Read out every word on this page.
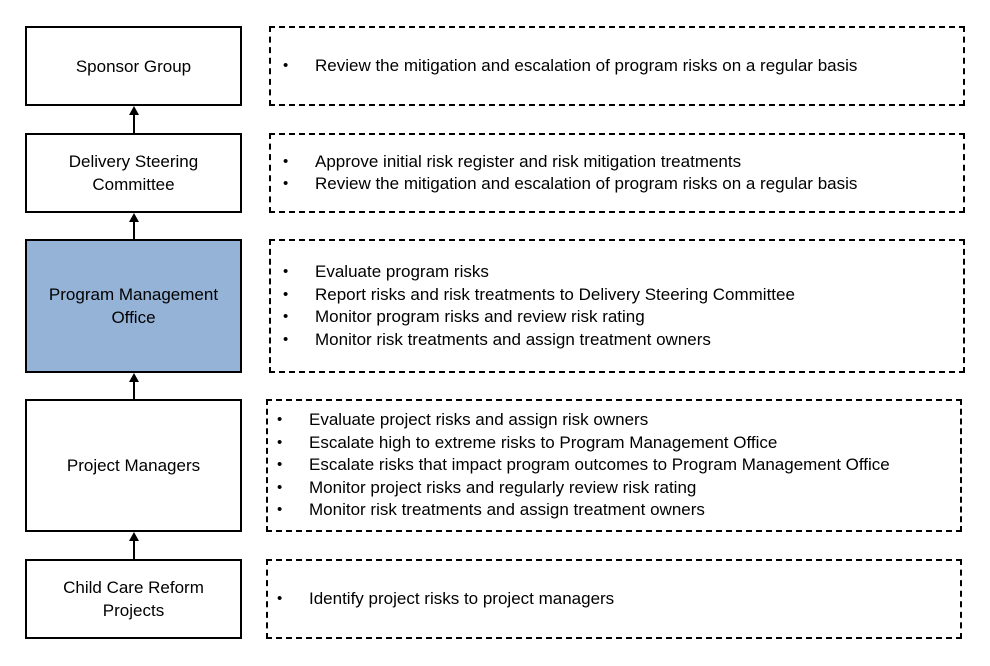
Sponsor Group	• Review the mitigation and escalation of program risks on a regular basis
Delivery Steering
Committee
• Approve initial risk register and risk mitigation treatments
• Review the mitigation and escalation of program risks on a regular basis
Program Management
Office
• Evaluate program risks
• Report risks and risk treatments to Delivery Steering Committee
• Monitor program risks and review risk rating
• Monitor risk treatments and assign treatment owners
Project Managers
• Evaluate project risks and assign risk owners
• Escalate high to extreme risks to Program Management Office
• Escalate risks that impact program outcomes to Program Management Office
• Monitor project risks and regularly review risk rating
• Monitor risk treatments and assign treatment owners
Child Care Reform
Projects
• Identify project risks to project managers
